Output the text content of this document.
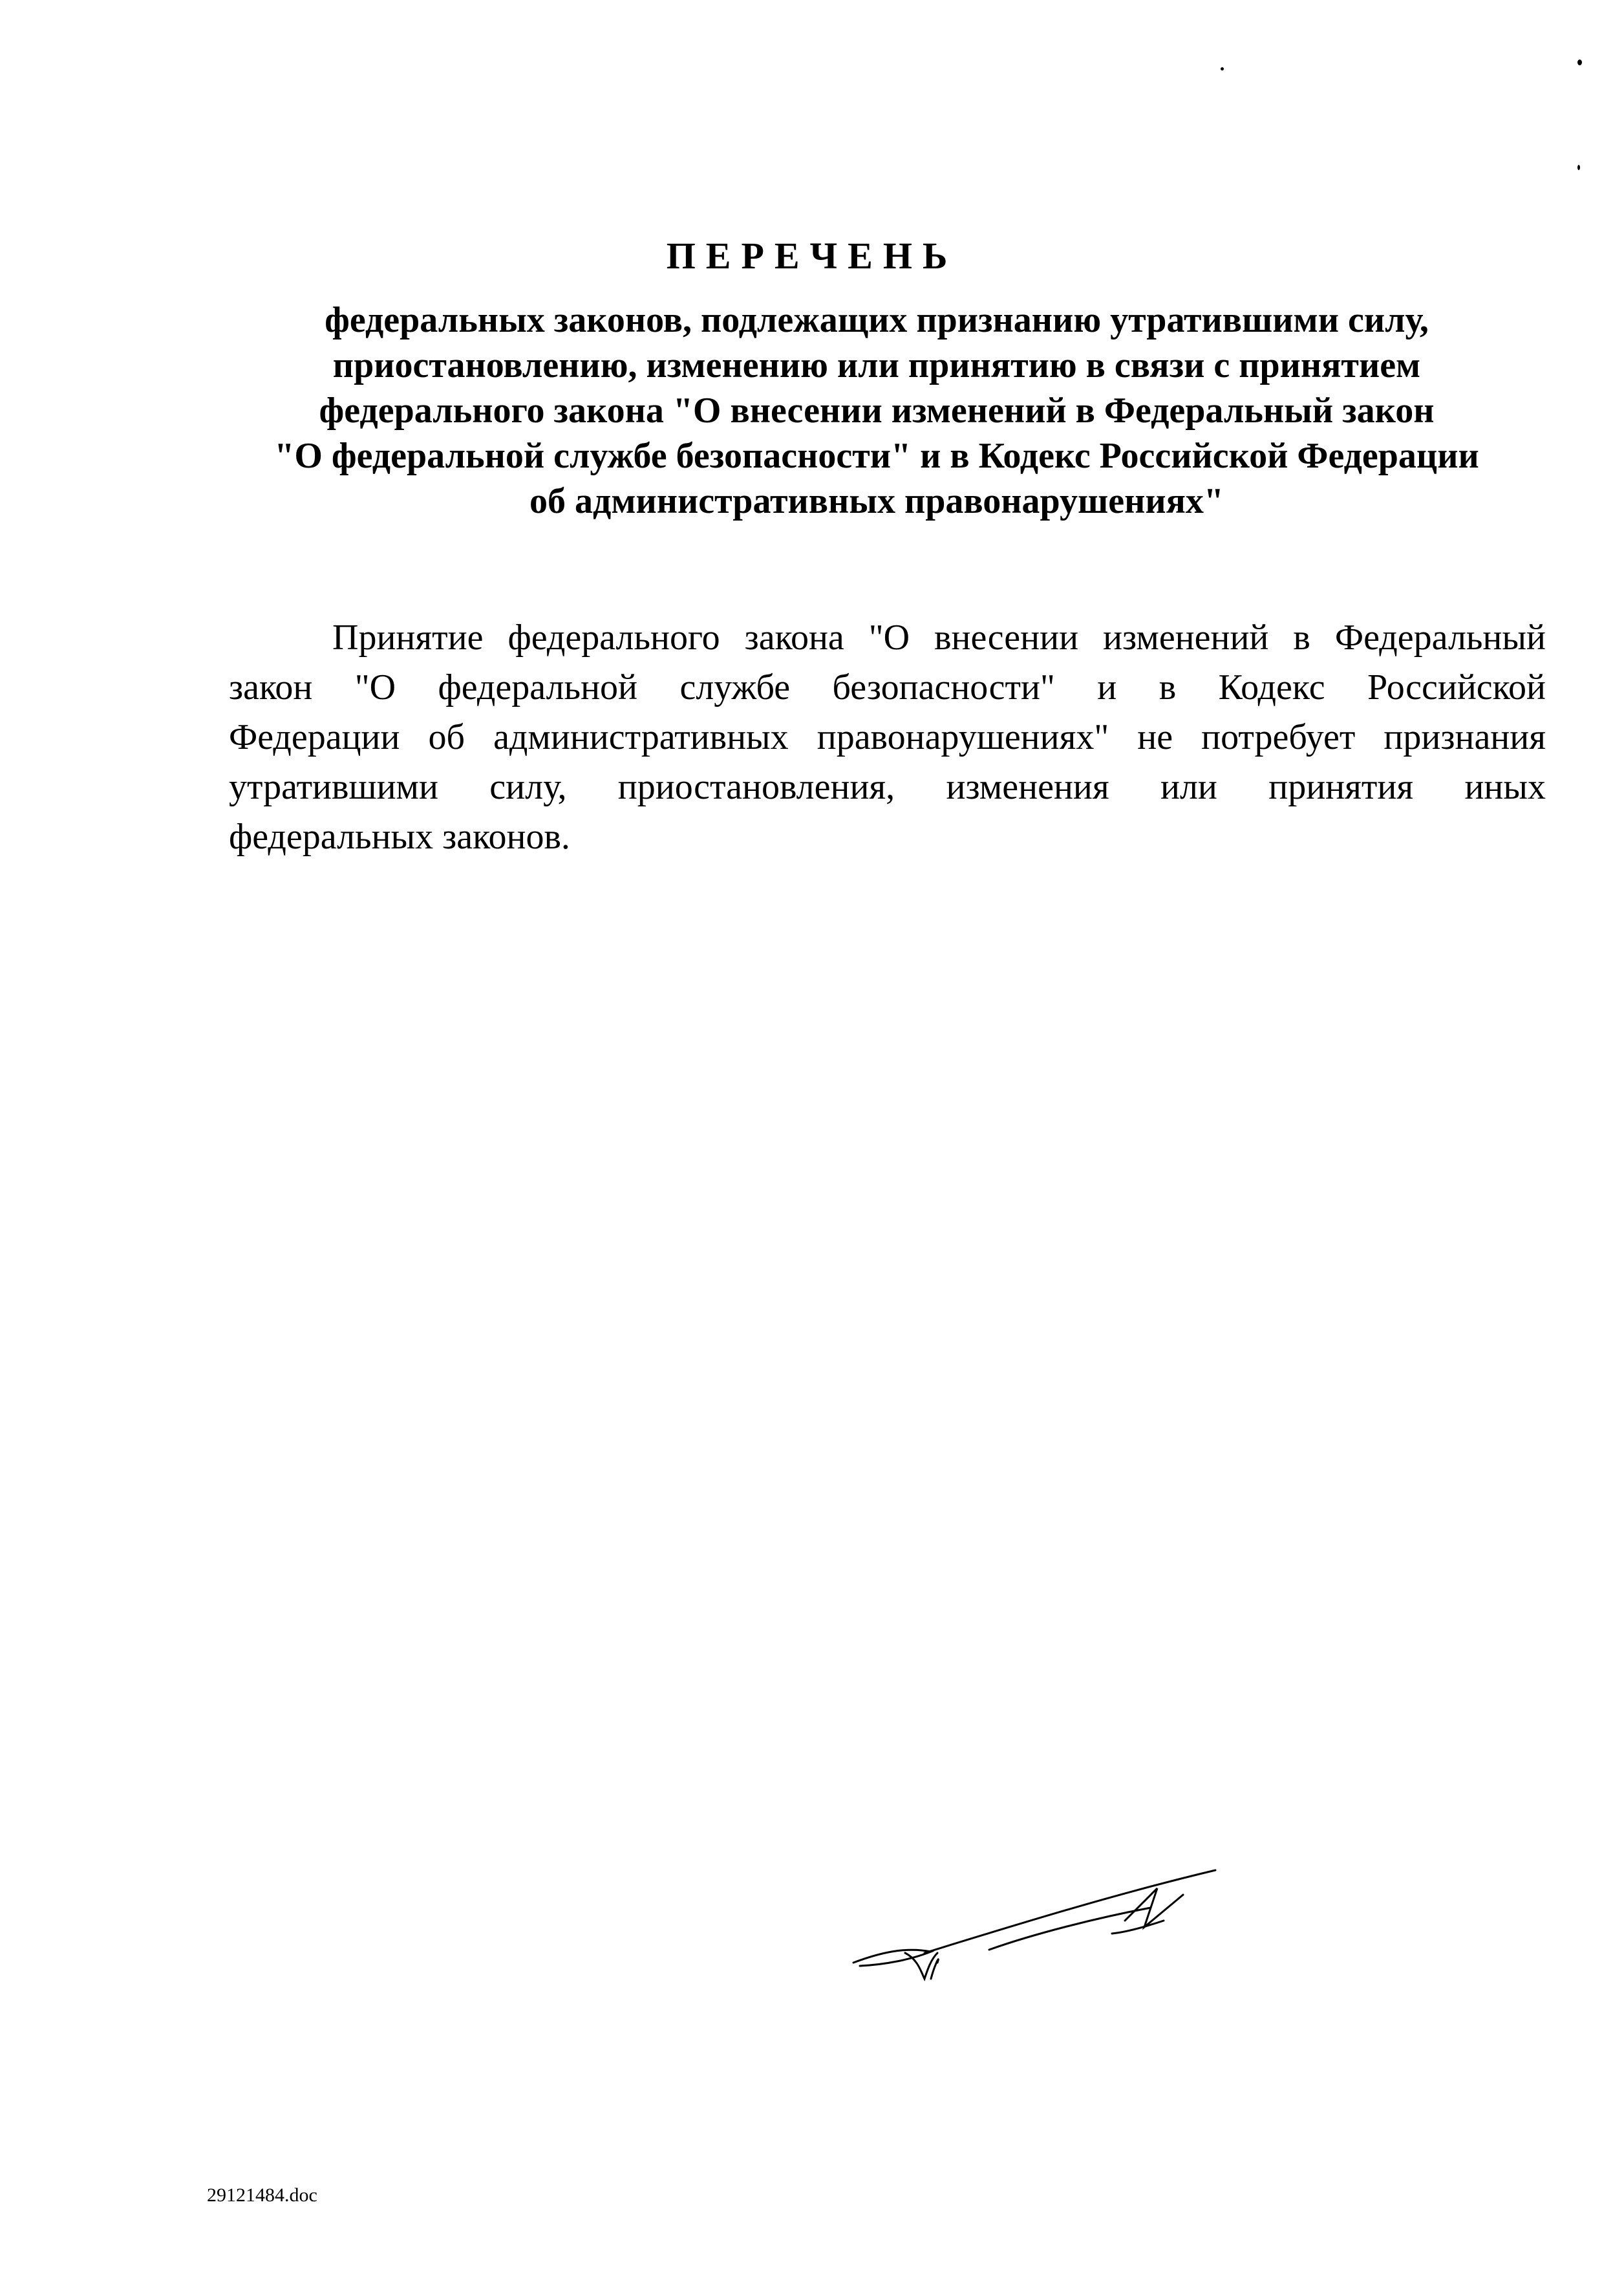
ПЕРЕЧЕНЬ
федеральных законов, подлежащих признанию утратившими силу,
приостановлению, изменению или принятию в связи с принятием
федерального закона "О внесении изменений в Федеральный закон
"О федеральной службе безопасности" и в Кодекс Российской Федерации
об административных правонарушениях"
Принятие федерального закона "О внесении изменений в Федеральный
закон "О федеральной службе безопасности" и в Кодекс Российской
Федерации об административных правонарушениях" не потребует признания
утратившими силу, приостановления, изменения или принятия иных
федеральных законов.
29121484.doc
